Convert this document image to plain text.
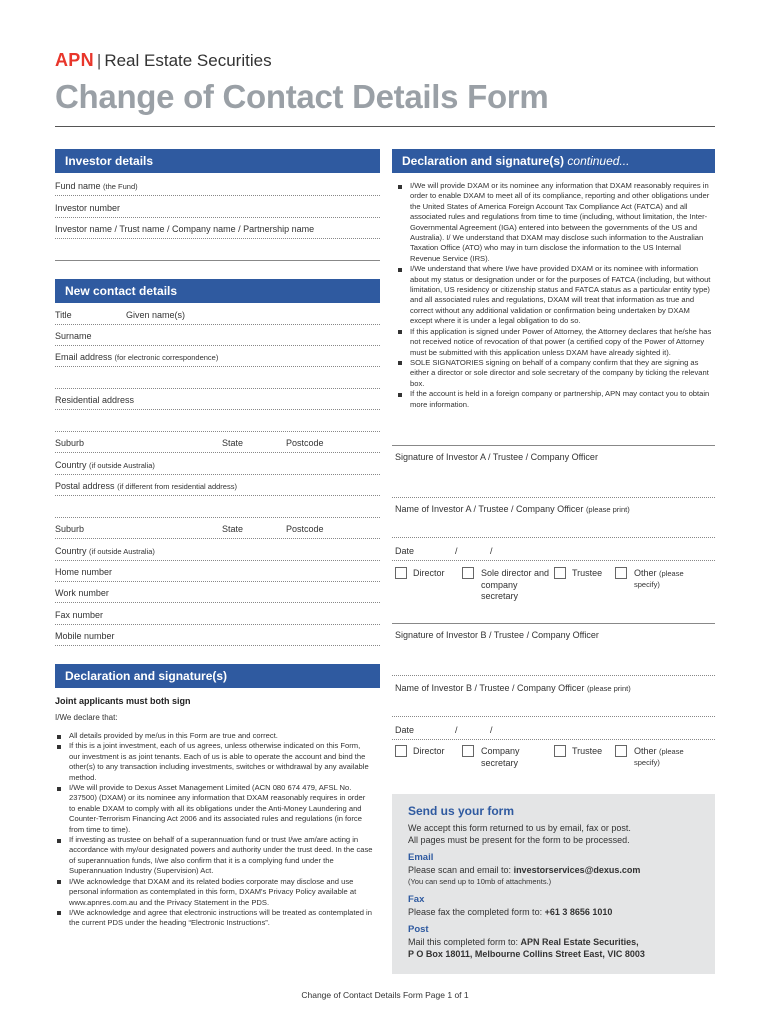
APN | Real Estate Securities
Change of Contact Details Form
Investor details
Fund name (the Fund)
Investor number
Investor name / Trust name / Company name / Partnership name
New contact details
Title	Given name(s)
Surname
Email address (for electronic correspondence)
Residential address
Suburb	State	Postcode
Country (if outside Australia)
Postal address (if different from residential address)
Suburb	State	Postcode
Country (if outside Australia)
Home number
Work number
Fax number
Mobile number
Declaration and signature(s)
Joint applicants must both sign
I/We declare that:
All details provided by me/us in this Form are true and correct.
If this is a joint investment, each of us agrees, unless otherwise indicated on this Form, our investment is as joint tenants. Each of us is able to operate the account and bind the other(s) to any transaction including investments, switches or withdrawal by any available method.
I/We will provide to Dexus Asset Management Limited (ACN 080 674 479, AFSL No. 237500) (DXAM) or its nominee any information that DXAM reasonably requires in order to enable DXAM to comply with all its obligations under the Anti-Money Laundering and Counter-Terrorism Financing Act 2006 and its associated rules and regulations (in force from time to time).
If investing as trustee on behalf of a superannuation fund or trust I/we am/are acting in accordance with my/our designated powers and authority under the trust deed. In the case of superannuation funds, I/we also confirm that it is a complying fund under the Superannuation Industry (Supervision) Act.
I/We acknowledge that DXAM and its related bodies corporate may disclose and use personal information as contemplated in this form, DXAM's Privacy Policy available at www.apnres.com.au and the Privacy Statement in the PDS.
I/We acknowledge and agree that electronic instructions will be treated as contemplated in the current PDS under the heading “Electronic Instructions”.
Declaration and signature(s) continued...
I/We will provide DXAM or its nominee any information that DXAM reasonably requires in order to enable DXAM to meet all of its compliance, reporting and other obligations under the United States of America Foreign Account Tax Compliance Act (FATCA) and all associated rules and regulations from time to time (including, without limitation, the Inter-Governmental Agreement (IGA) entered into between the governments of the US and Australia). I/ We understand that DXAM may disclose such information to the Australian Taxation Office (ATO) who may in turn disclose the information to the US Internal Revenue Service (IRS).
I/We understand that where I/we have provided DXAM or its nominee with information about my status or designation under or for the purposes of FATCA (including, but without limitation, US residency or citizenship status and FATCA status as a particular entity type) and all associated rules and regulations, DXAM will treat that information as true and correct without any additional validation or confirmation being undertaken by DXAM except where it is under a legal obligation to do so.
If this application is signed under Power of Attorney, the Attorney declares that he/she has not received notice of revocation of that power (a certified copy of the Power of Attorney must be submitted with this application unless DXAM have already sighted it).
SOLE SIGNATORIES signing on behalf of a company confirm that they are signing as either a director or sole director and sole secretary of the company by ticking the relevant box.
If the account is held in a foreign company or partnership, APN may contact you to obtain more information.
Signature of Investor A / Trustee / Company Officer
Name of Investor A / Trustee / Company Officer (please print)
Date	/	/
Director	Sole director and company secretary
Trustee	Other (please specify)
Signature of Investor B / Trustee / Company Officer
Name of Investor B / Trustee / Company Officer (please print)
Date	/	/
Director	Company secretary
Trustee	Other (please specify)
Send us your form
We accept this form returned to us by email, fax or post.
All pages must be present for the form to be processed.
Email
Please scan and email to: investorservices@dexus.com
(You can send up to 10mb of attachments.)
Fax
Please fax the completed form to: +61 3 8656 1010
Post
Mail this completed form to: APN Real Estate Securities,
P O Box 18011, Melbourne Collins Street East, VIC 8003
Change of Contact Details Form Page 1 of 1
